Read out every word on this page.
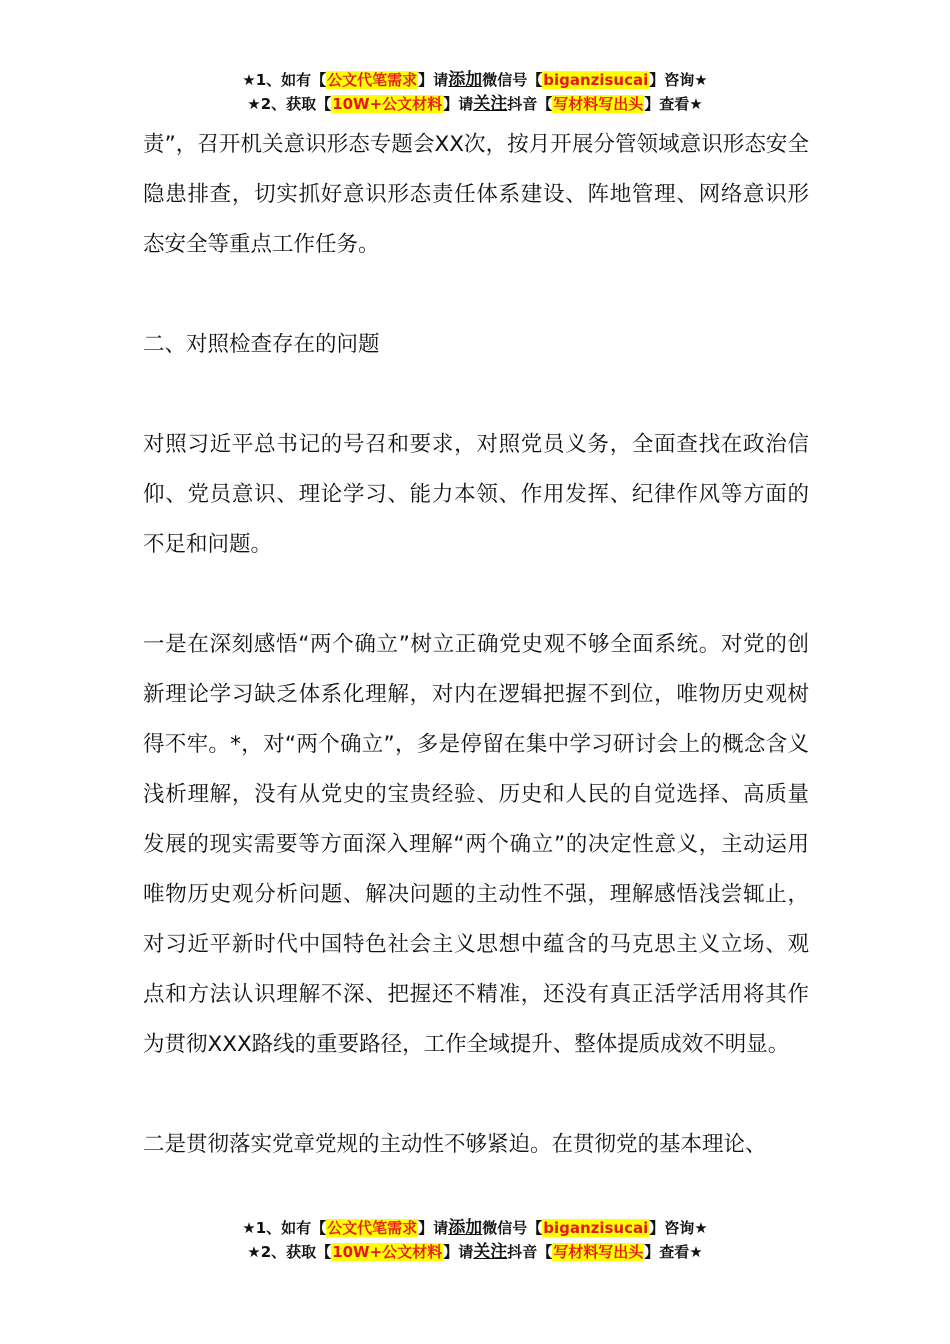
★1、如有【公文代笔需求】请添加微信号【biganzisucai】咨询★
★2、获取【10W+公文材料】请关注抖音【写材料写出头】查看★

责”，召开机关意识形态专题会XX次，按月开展分管领域意识形态安全隐患排查，切实抓好意识形态责任体系建设、阵地管理、网络意识形态安全等重点工作任务。

二、对照检查存在的问题

对照习近平总书记的号召和要求，对照党员义务，全面查找在政治信仰、党员意识、理论学习、能力本领、作用发挥、纪律作风等方面的不足和问题。

一是在深刻感悟“两个确立”树立正确党史观不够全面系统。对党的创新理论学习缺乏体系化理解，对内在逻辑把握不到位，唯物历史观树得不牢。*，对“两个确立”，多是停留在集中学习研讨会上的概念含义浅析理解，没有从党史的宝贵经验、历史和人民的自觉选择、高质量发展的现实需要等方面深入理解“两个确立”的决定性意义，主动运用唯物历史观分析问题、解决问题的主动性不强，理解感悟浅尝辄止，对习近平新时代中国特色社会主义思想中蕴含的马克思主义立场、观点和方法认识理解不深、把握还不精准，还没有真正活学活用将其作为贯彻XXX路线的重要路径，工作全域提升、整体提质成效不明显。

二是贯彻落实党章党规的主动性不够紧迫。在贯彻党的基本理论、

★1、如有【公文代笔需求】请添加微信号【biganzisucai】咨询★
★2、获取【10W+公文材料】请关注抖音【写材料写出头】查看★
